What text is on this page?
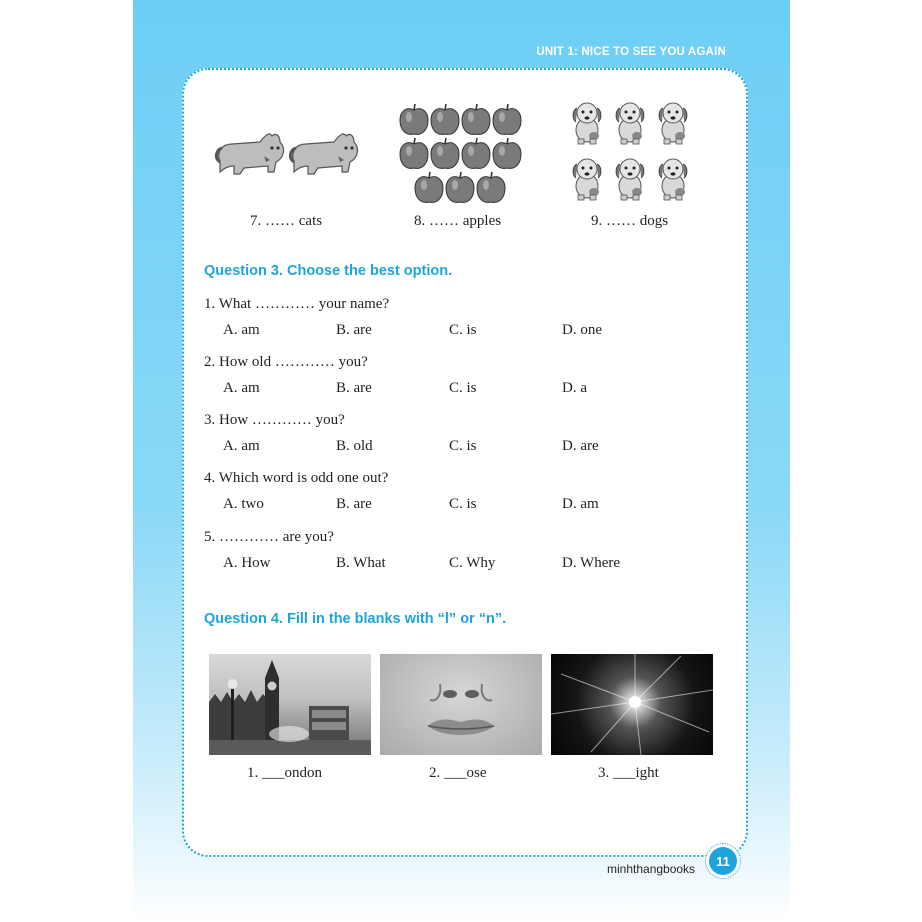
UNIT 1: NICE TO SEE YOU AGAIN
7. …… cats	8. …… apples	9. …… dogs
Question 3. Choose the best option.
1. What ………… your name?
A. am	B. are	C. is	D. one
2. How old ………… you?
A. am	B. are	C. is	D. a
3. How ………… you?
A. am	B. old	C. is	D. are
4. Which word is odd one out?
A. two	B. are	C. is	D. am
5. ………… are you?
A. How	B. What	C. Why	D. Where
Question 4. Fill in the blanks with “l” or “n”.
1. ___ondon	2. ___ose	3. ___ight
minhthangbooks
11
